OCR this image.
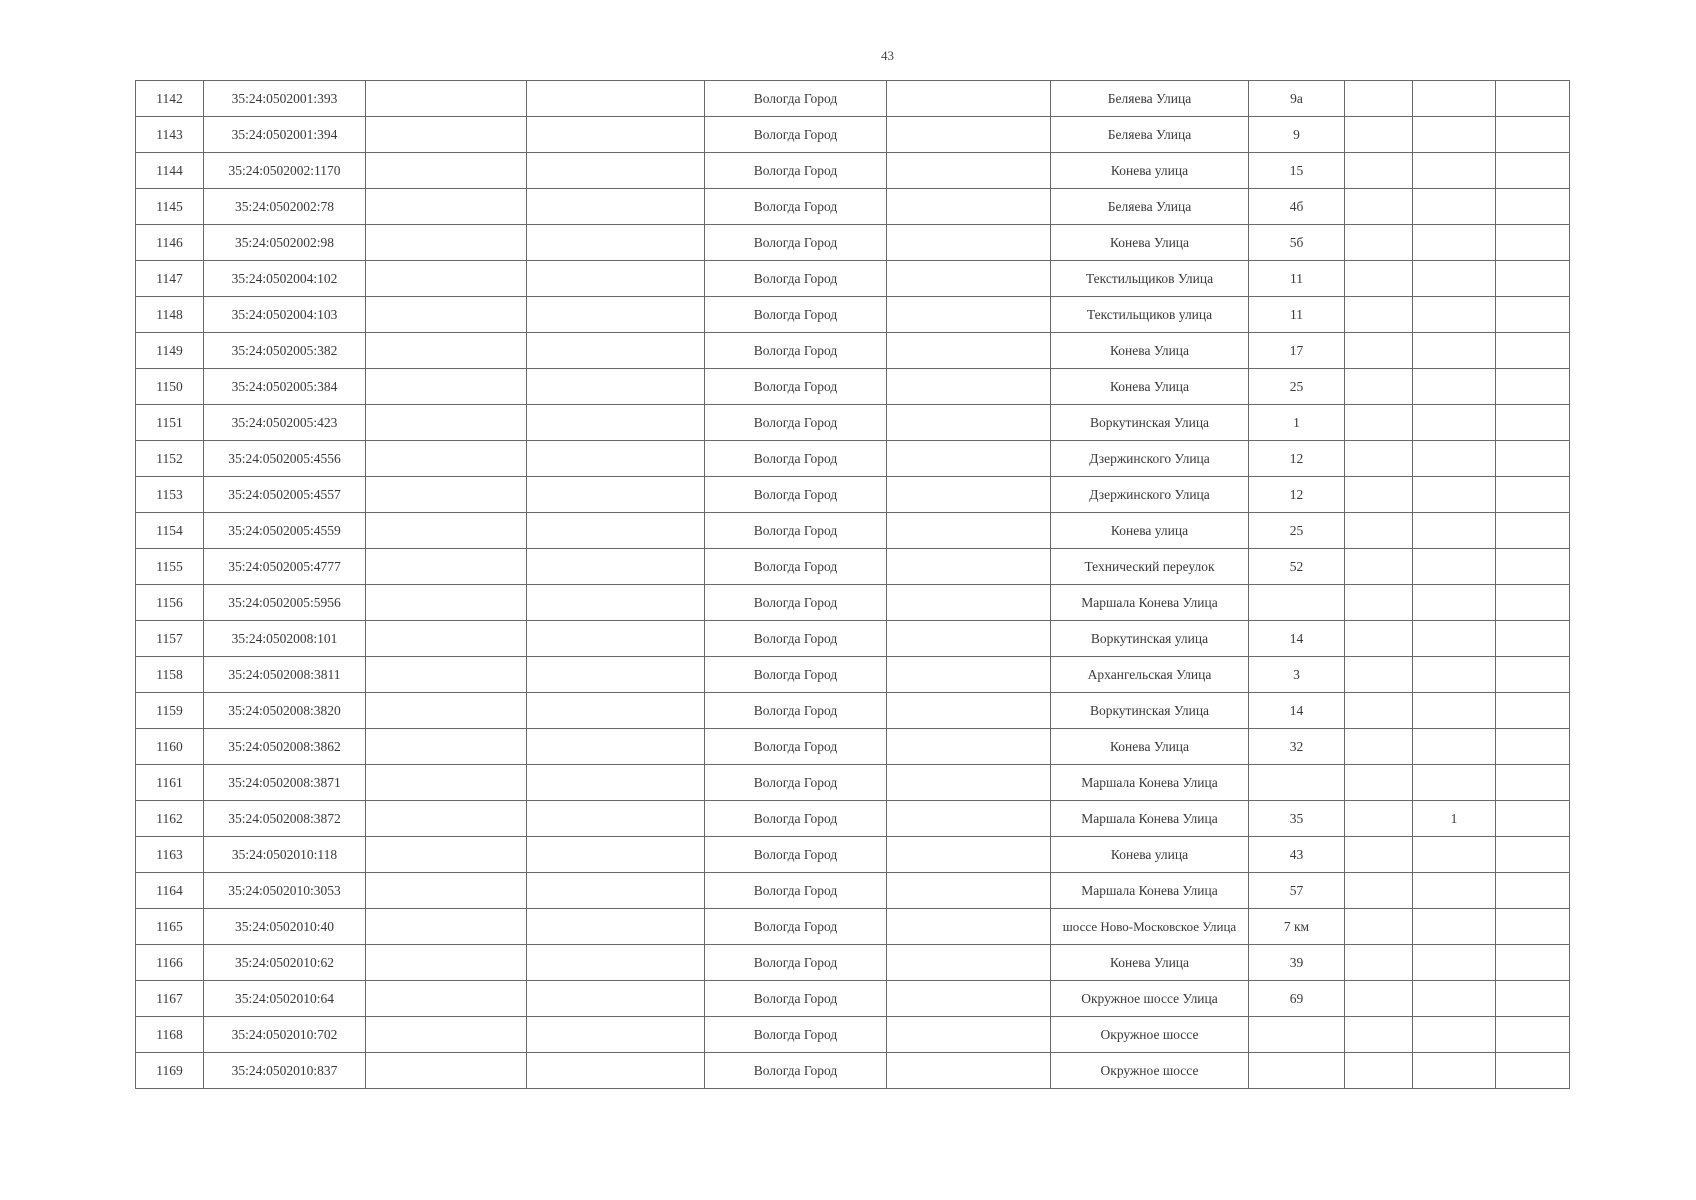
43
1142	35:24:0502001:393			Вологда Город		Беляева Улица	9а			
1143	35:24:0502001:394			Вологда Город		Беляева Улица	9			
1144	35:24:0502002:1170			Вологда Город		Конева улица	15			
1145	35:24:0502002:78			Вологда Город		Беляева Улица	4б			
1146	35:24:0502002:98			Вологда Город		Конева Улица	5б			
1147	35:24:0502004:102			Вологда Город		Текстильщиков Улица	11			
1148	35:24:0502004:103			Вологда Город		Текстильщиков улица	11			
1149	35:24:0502005:382			Вологда Город		Конева Улица	17			
1150	35:24:0502005:384			Вологда Город		Конева Улица	25			
1151	35:24:0502005:423			Вологда Город		Воркутинская Улица	1			
1152	35:24:0502005:4556			Вологда Город		Дзержинского Улица	12			
1153	35:24:0502005:4557			Вологда Город		Дзержинского Улица	12			
1154	35:24:0502005:4559			Вологда Город		Конева улица	25			
1155	35:24:0502005:4777			Вологда Город		Технический переулок	52			
1156	35:24:0502005:5956			Вологда Город		Маршала Конева Улица				
1157	35:24:0502008:101			Вологда Город		Воркутинская улица	14			
1158	35:24:0502008:3811			Вологда Город		Архангельская Улица	3			
1159	35:24:0502008:3820			Вологда Город		Воркутинская Улица	14			
1160	35:24:0502008:3862			Вологда Город		Конева Улица	32			
1161	35:24:0502008:3871			Вологда Город		Маршала Конева Улица				
1162	35:24:0502008:3872			Вологда Город		Маршала Конева Улица	35		1	
1163	35:24:0502010:118			Вологда Город		Конева улица	43			
1164	35:24:0502010:3053			Вологда Город		Маршала Конева Улица	57			
1165	35:24:0502010:40			Вологда Город		шоссе Ново-Московское Улица	7 км			
1166	35:24:0502010:62			Вологда Город		Конева Улица	39			
1167	35:24:0502010:64			Вологда Город		Окружное шоссе Улица	69			
1168	35:24:0502010:702			Вологда Город		Окружное шоссе				
1169	35:24:0502010:837			Вологда Город		Окружное шоссе				
